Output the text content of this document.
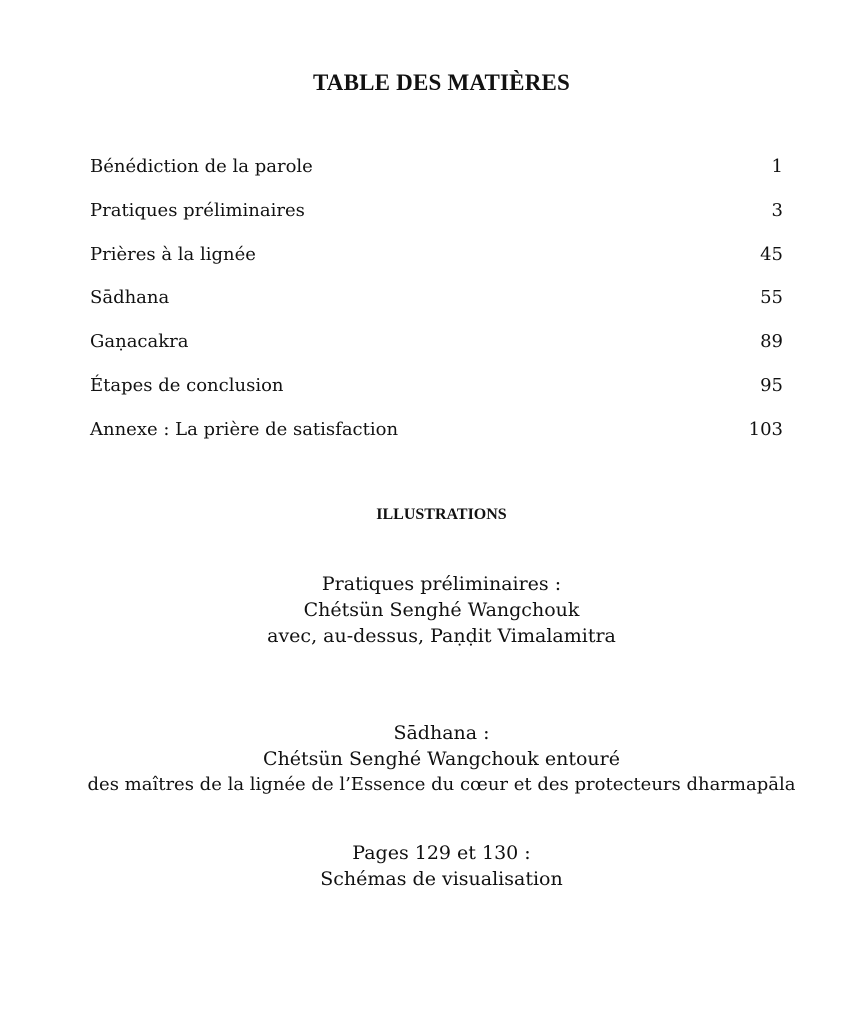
TABLE DES MATIÈRES
Bénédiction de la parole	1
Pratiques préliminaires	3
Prières à la lignée	45
Sādhana	55
Gaṇacakra	89
Étapes de conclusion	95
Annexe : La prière de satisfaction	103
ILLUSTRATIONS
Pratiques préliminaires :
Chétsün Senghé Wangchouk
avec, au-dessus, Paṇḍit Vimalamitra
Sādhana :
Chétsün Senghé Wangchouk entouré
des maîtres de la lignée de l’Essence du cœur et des protecteurs dharmapāla
Pages 129 et 130 :
Schémas de visualisation
